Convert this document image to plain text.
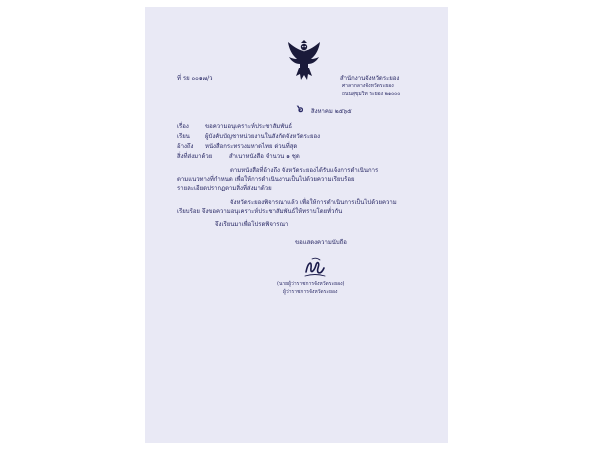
ที่ รย ๐๐๑๗/ว	สำนักงานจังหวัดระยอง
ศาลากลางจังหวัดระยอง
ถนนสุขุมวิท ระยอง ๒๑๐๐๐
๖ สิงหาคม ๒๕๖๕
เรื่อง	ขอความอนุเคราะห์ประชาสัมพันธ์
เรียน	ผู้บังคับบัญชาหน่วยงานในสังกัดจังหวัดระยอง
อ้างถึง หนังสือกระทรวงมหาดไทย ด่วนที่สุด
สิ่งที่ส่งมาด้วย	สำเนาหนังสือ จำนวน ๑ ชุด
ตามหนังสือที่อ้างถึง จังหวัดระยองได้รับแจ้งการดำเนินการ
ตามแนวทางที่กำหนด เพื่อให้การดำเนินงานเป็นไปด้วยความเรียบร้อย
รายละเอียดปรากฏตามสิ่งที่ส่งมาด้วย
จังหวัดระยองพิจารณาแล้ว เพื่อให้การดำเนินการเป็นไปด้วยความ
เรียบร้อย จึงขอความอนุเคราะห์ประชาสัมพันธ์ให้ทราบโดยทั่วกัน
จึงเรียนมาเพื่อโปรดพิจารณา
ขอแสดงความนับถือ
(นายผู้ว่าราชการจังหวัดระยอง)
ผู้ว่าราชการจังหวัดระยอง
